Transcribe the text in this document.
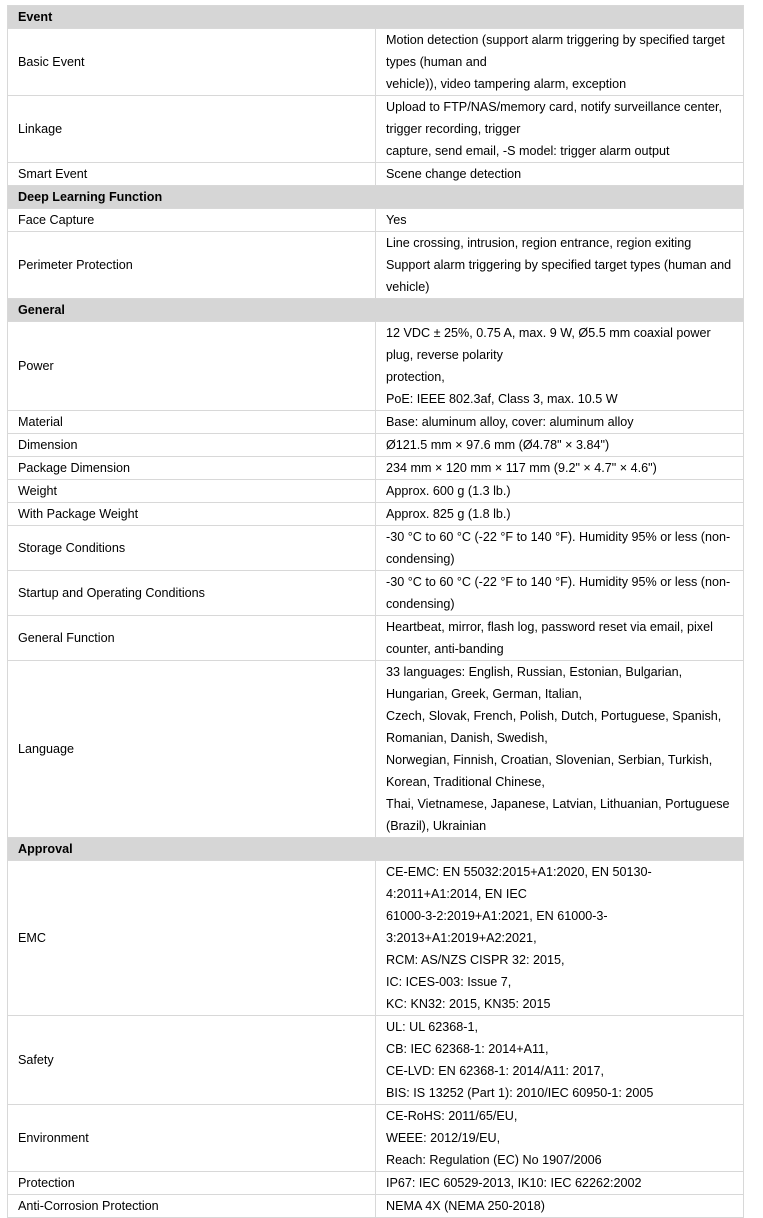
Event	
Basic Event	Motion detection (support alarm triggering by specified target types (human and
vehicle)), video tampering alarm, exception

Linkage	Upload to FTP/NAS/memory card, notify surveillance center, trigger recording, trigger
capture, send email, -S model: trigger alarm output

Smart Event	Scene change detection

Deep Learning Function	
Face Capture	Yes

Perimeter Protection	Line crossing, intrusion, region entrance, region exiting
Support alarm triggering by specified target types (human and vehicle)

General	
Power	12 VDC ± 25%, 0.75 A, max. 9 W, Ø5.5 mm coaxial power plug, reverse polarity
protection,
PoE: IEEE 802.3af, Class 3, max. 10.5 W

Material	Base: aluminum alloy, cover: aluminum alloy

Dimension	Ø121.5 mm × 97.6 mm (Ø4.78" × 3.84")

Package Dimension	234 mm × 120 mm × 117 mm (9.2" × 4.7" × 4.6")

Weight	Approx. 600 g (1.3 lb.)

With Package Weight	Approx. 825 g (1.8 lb.)

Storage Conditions	-30 °C to 60 °C (-22 °F to 140 °F). Humidity 95% or less (non-condensing)

Startup and Operating Conditions	-30 °C to 60 °C (-22 °F to 140 °F). Humidity 95% or less (non-condensing)

General Function	Heartbeat, mirror, flash log, password reset via email, pixel counter, anti-banding

Language	33 languages: English, Russian, Estonian, Bulgarian, Hungarian, Greek, German, Italian,
Czech, Slovak, French, Polish, Dutch, Portuguese, Spanish, Romanian, Danish, Swedish,
Norwegian, Finnish, Croatian, Slovenian, Serbian, Turkish, Korean, Traditional Chinese,
Thai, Vietnamese, Japanese, Latvian, Lithuanian, Portuguese (Brazil), Ukrainian

Approval	
EMC	CE-EMC: EN 55032:2015+A1:2020, EN 50130-4:2011+A1:2014, EN IEC
61000-3-2:2019+A1:2021, EN 61000-3-3:2013+A1:2019+A2:2021,
RCM: AS/NZS CISPR 32: 2015,
IC: ICES-003: Issue 7,
KC: KN32: 2015, KN35: 2015

Safety	UL: UL 62368-1,
CB: IEC 62368-1: 2014+A11,
CE-LVD: EN 62368-1: 2014/A11: 2017,
BIS: IS 13252 (Part 1): 2010/IEC 60950-1: 2005

Environment	CE-RoHS: 2011/65/EU,
WEEE: 2012/19/EU,
Reach: Regulation (EC) No 1907/2006

Protection	IP67: IEC 60529-2013, IK10: IEC 62262:2002

Anti-Corrosion Protection	NEMA 4X (NEMA 250-2018)
